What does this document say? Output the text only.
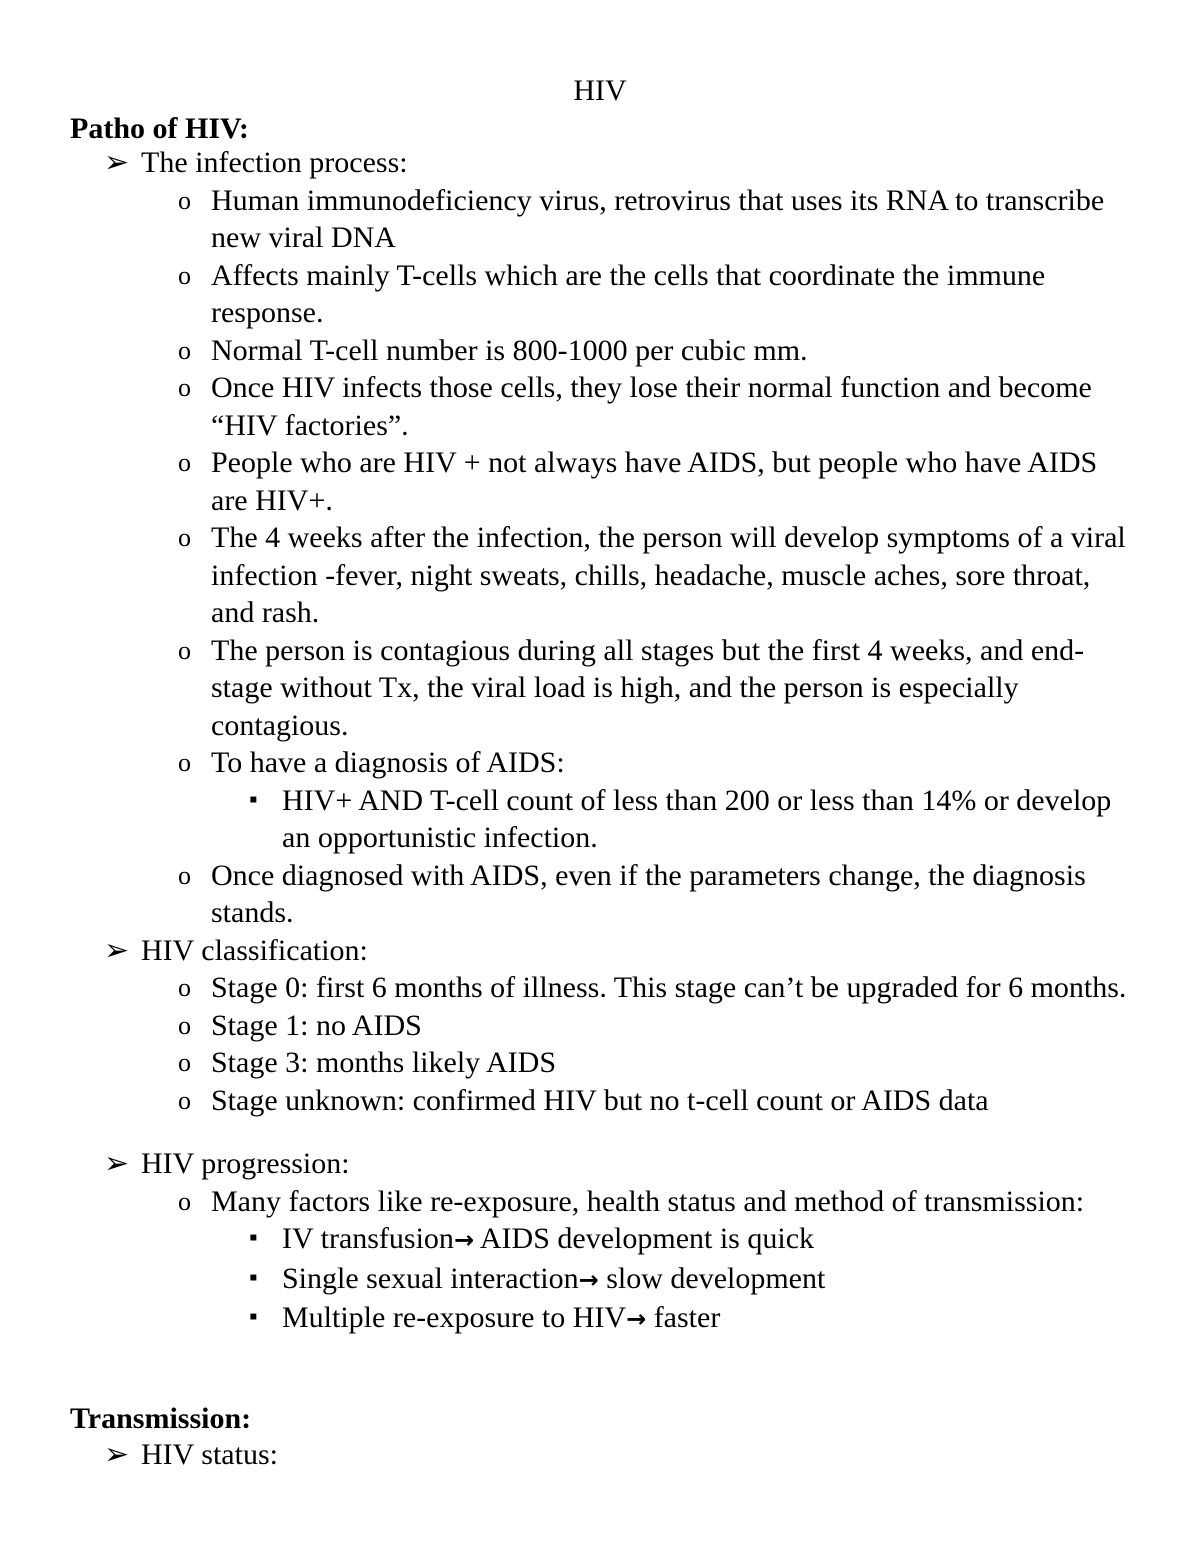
HIV
Patho of HIV:
➢ The infection process:
o Human immunodeficiency virus, retrovirus that uses its RNA to transcribe new viral DNA
o Affects mainly T-cells which are the cells that coordinate the immune response.
o Normal T-cell number is 800-1000 per cubic mm.
o Once HIV infects those cells, they lose their normal function and become “HIV factories”.
o People who are HIV + not always have AIDS, but people who have AIDS are HIV+.
o The 4 weeks after the infection, the person will develop symptoms of a viral infection -fever, night sweats, chills, headache, muscle aches, sore throat, and rash.
o The person is contagious during all stages but the first 4 weeks, and end-stage without Tx, the viral load is high, and the person is especially contagious.
o To have a diagnosis of AIDS:
▪ HIV+ AND T-cell count of less than 200 or less than 14% or develop an opportunistic infection.
o Once diagnosed with AIDS, even if the parameters change, the diagnosis stands.
➢ HIV classification:
o Stage 0: first 6 months of illness. This stage can’t be upgraded for 6 months.
o Stage 1: no AIDS
o Stage 3: months likely AIDS
o Stage unknown: confirmed HIV but no t-cell count or AIDS data
➢ HIV progression:
o Many factors like re-exposure, health status and method of transmission:
▪ IV transfusion→ AIDS development is quick
▪ Single sexual interaction→ slow development
▪ Multiple re-exposure to HIV→ faster
Transmission:
➢ HIV status:
